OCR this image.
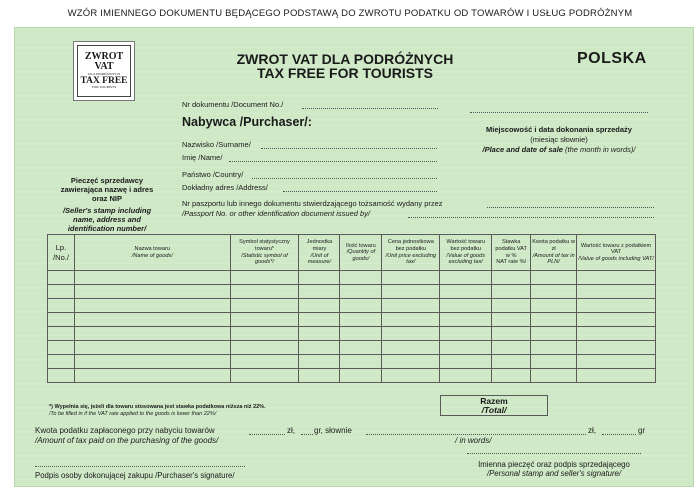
WZÓR IMIENNEGO DOKUMENTU BĘDĄCEGO PODSTAWĄ DO ZWROTU PODATKU OD TOWARÓW I USŁUG PODRÓŻNYM
ZWROT
VAT
DLA PODRÓŻNYCH
TAX FREE
FOR TOURISTS
ZWROT VAT DLA PODRÓŻNYCH
TAX FREE FOR TOURISTS
POLSKA
Nr dokumentu /Document No./
Nabywca /Purchaser/:
Nazwisko /Surname/
Imię /Name/
Państwo /Country/
Dokładny adres /Address/
Nr paszportu lub innego dokumentu stwierdzającego tożsamość wydany przez
/Passport No. or other identification document issued by/
Miejscowość i data dokonania sprzedaży
(miesiąc słownie)
/Place and date of sale (the month in words)/
Pieczęć sprzedawcy
zawierająca nazwę i adres
oraz NIP
/Seller's stamp including
name, address and
identification number/
Lp.
/No./	Nazwa towaru
/Name of goods/	Symbol statystyczny towaru*
/Statistic symbol of goods*/	Jednostka miary
/Unit of measure/	Ilość towaru
/Quantity of goods/	Cena jednostkowa bez podatku
/Unit price excluding tax/	Wartość towaru bez podatku
/Value of goods excluding tax/	Stawka podatku VAT w %
NAT rate %/	Kwota podatku w zł
/Amount of tax in PLN/	Wartość towaru z podatkiem VAT
/Value of goods including VAT/

Razem
/Total/
*) Wypełnia się, jeżeli dla towaru stosowana jest stawka podatkowa niższa niż 22%.
/To be filled in if the VAT rate applied to the goods is lower than 22%/
Kwota podatku zapłaconego przy nabyciu towarów	zł, gr, słownie	zł,	gr
/Amount of tax paid on the purchasing of the goods/	/ in words/
Podpis osoby dokonującej zakupu /Purchaser's signature/
Imienna pieczęć oraz podpis sprzedającego
/Personal stamp and seller's signature/
